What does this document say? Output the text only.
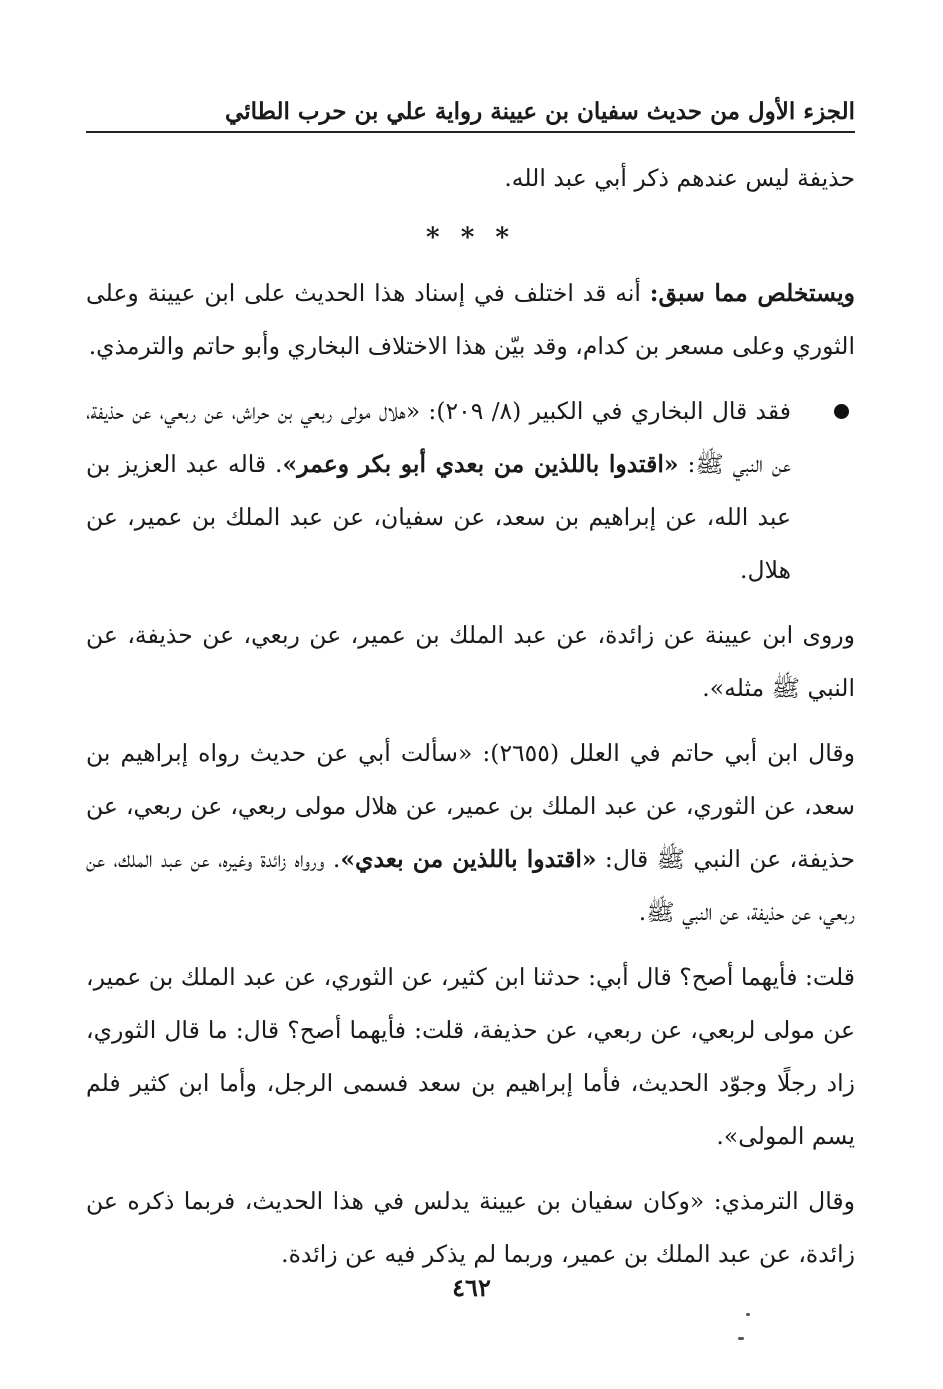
الجزء الأول من حديث سفيان بن عيينة رواية علي بن حرب الطائي

حذيفة ليس عندهم ذكر أبي عبد الله.

* * *

ويستخلص مما سبق: أنه قد اختلف في إسناد هذا الحديث على ابن عيينة وعلى الثوري وعلى مسعر بن كدام، وقد بيّن هذا الاختلاف البخاري وأبو حاتم والترمذي.

فقد قال البخاري في الكبير (٨/ ٢٠٩): «هلال مولى ربعي بن حراش، عن ربعي، عن حذيفة، عن النبي ﷺ: «اقتدوا باللذين من بعدي أبو بكر وعمر». قاله عبد العزيز بن عبد الله، عن إبراهيم بن سعد، عن سفيان، عن عبد الملك بن عمير، عن هلال.

وروى ابن عيينة عن زائدة، عن عبد الملك بن عمير، عن ربعي، عن حذيفة، عن النبي ﷺ مثله».

وقال ابن أبي حاتم في العلل (٢٦٥٥): «سألت أبي عن حديث رواه إبراهيم بن سعد، عن الثوري، عن عبد الملك بن عمير، عن هلال مولى ربعي، عن ربعي، عن حذيفة، عن النبي ﷺ قال: «اقتدوا باللذين من بعدي». ورواه زائدة وغيره، عن عبد الملك، عن ربعي، عن حذيفة، عن النبي ﷺ.

قلت: فأيهما أصح؟ قال أبي: حدثنا ابن كثير، عن الثوري، عن عبد الملك بن عمير، عن مولى لربعي، عن ربعي، عن حذيفة، قلت: فأيهما أصح؟ قال: ما قال الثوري، زاد رجلًا وجوّد الحديث، فأما إبراهيم بن سعد فسمى الرجل، وأما ابن كثير فلم يسم المولى».

وقال الترمذي: «وكان سفيان بن عيينة يدلس في هذا الحديث، فربما ذكره عن زائدة، عن عبد الملك بن عمير، وربما لم يذكر فيه عن زائدة.

٤٦٢
